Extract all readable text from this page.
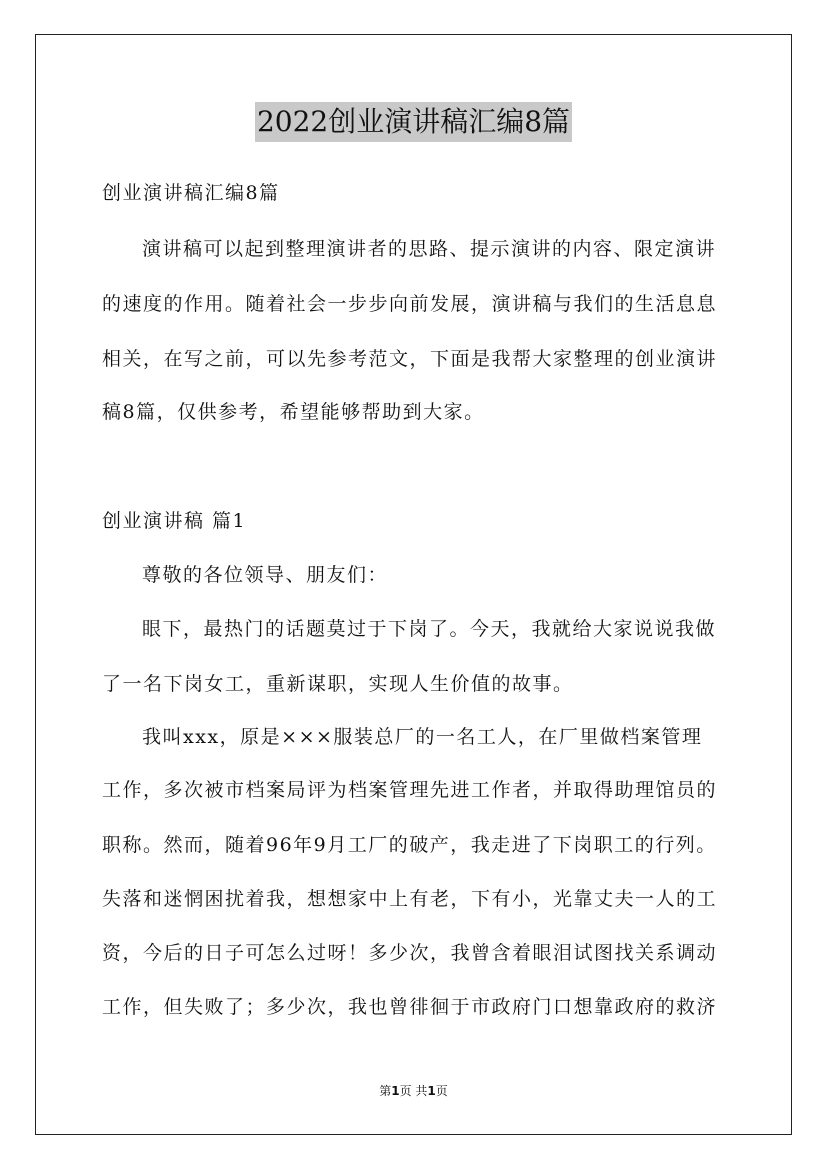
2022创业演讲稿汇编8篇
创业演讲稿汇编8篇
演讲稿可以起到整理演讲者的思路、提示演讲的内容、限定演讲
的速度的作用。随着社会一步步向前发展，演讲稿与我们的生活息息
相关，在写之前，可以先参考范文，下面是我帮大家整理的创业演讲
稿8篇，仅供参考，希望能够帮助到大家。
创业演讲稿 篇1
尊敬的各位领导、朋友们：
眼下，最热门的话题莫过于下岗了。今天，我就给大家说说我做
了一名下岗女工，重新谋职，实现人生价值的故事。
我叫xxx，原是×××服装总厂的一名工人，在厂里做档案管理
工作，多次被市档案局评为档案管理先进工作者，并取得助理馆员的
职称。然而，随着96年9月工厂的破产，我走进了下岗职工的行列。
失落和迷惘困扰着我，想想家中上有老，下有小，光靠丈夫一人的工
资，今后的日子可怎么过呀！多少次，我曾含着眼泪试图找关系调动
工作，但失败了；多少次，我也曾徘徊于市政府门口想靠政府的救济
第1页 共1页
